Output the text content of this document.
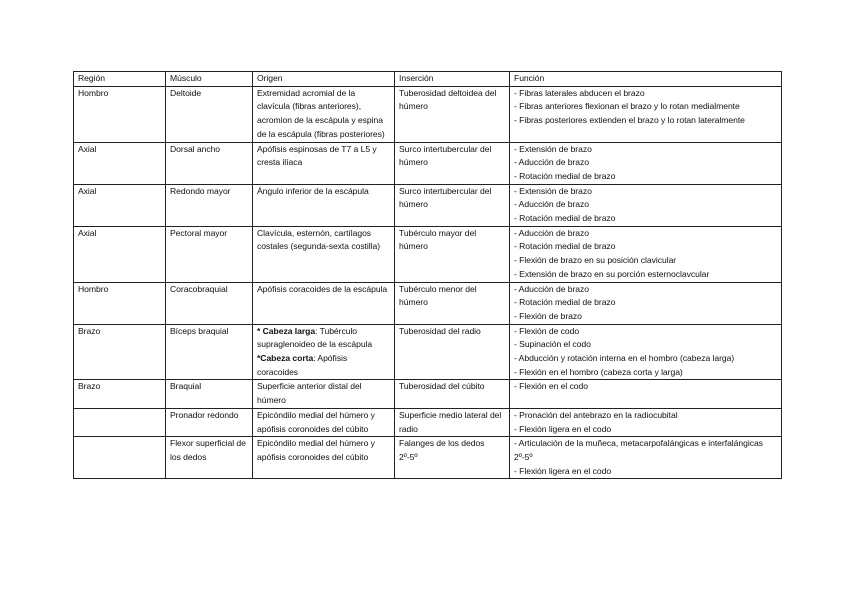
Región	Músculo	Origen	Inserción	Función
Hombro	Deltoide	Extremidad acromial de la clavícula (fibras anteriores), acromion de la escápula y espina de la escápula (fibras posteriores)	Tuberosidad deltoidea del húmero	- Fibras laterales abducen el brazo
- Fibras anteriores flexionan el brazo y lo rotan medialmente
- Fibras posteriores extienden el brazo y lo rotan lateralmente

Axial	Dorsal ancho	Apófisis espinosas de T7 a L5 y cresta ilíaca	Surco intertubercular del húmero	- Extensión de brazo
- Aducción de brazo
- Rotación medial de brazo

Axial	Redondo mayor	Ángulo inferior de la escápula	Surco intertubercular del húmero	- Extensión de brazo
- Aducción de brazo
- Rotación medial de brazo

Axial	Pectoral mayor	Clavícula, esternón, cartílagos costales (segunda-sexta costilla)	Tubérculo mayor del húmero	- Aducción de brazo
- Rotación medial de brazo
- Flexión de brazo en su posición clavicular
- Extensión de brazo en su porción esternoclavcular

Hombro	Coracobraquial	Apófisis coracoides de la escápula	Tubérculo menor del húmero	- Aducción de brazo
- Rotación medial de brazo
- Flexión de brazo

Brazo	Bíceps braquial	* Cabeza larga: Tubérculo supraglenoideo de la escápula
*Cabeza corta: Apófisis coracoides	Tuberosidad del radio	- Flexión de codo
- Supinación el codo
- Abducción y rotación interna en el hombro (cabeza larga)
- Flexión en el hombro (cabeza corta y larga)

Brazo	Braquial	Superficie anterior distal del húmero	Tuberosidad del cúbito	- Flexión en el codo

	Pronador redondo	Epicóndilo medial del húmero y apófisis coronoides del cúbito	Superficie medio lateral del radio	- Pronación del antebrazo en la radiocubital
- Flexión ligera en el codo

	Flexor superficial de los dedos	Epicóndilo medial del húmero y apófisis coronoides del cúbito	Falanges de los dedos 2º-5º	- Articulación de la muñeca, metacarpofalángicas e interfalángicas 2º-5º
- Flexión ligera en el codo
